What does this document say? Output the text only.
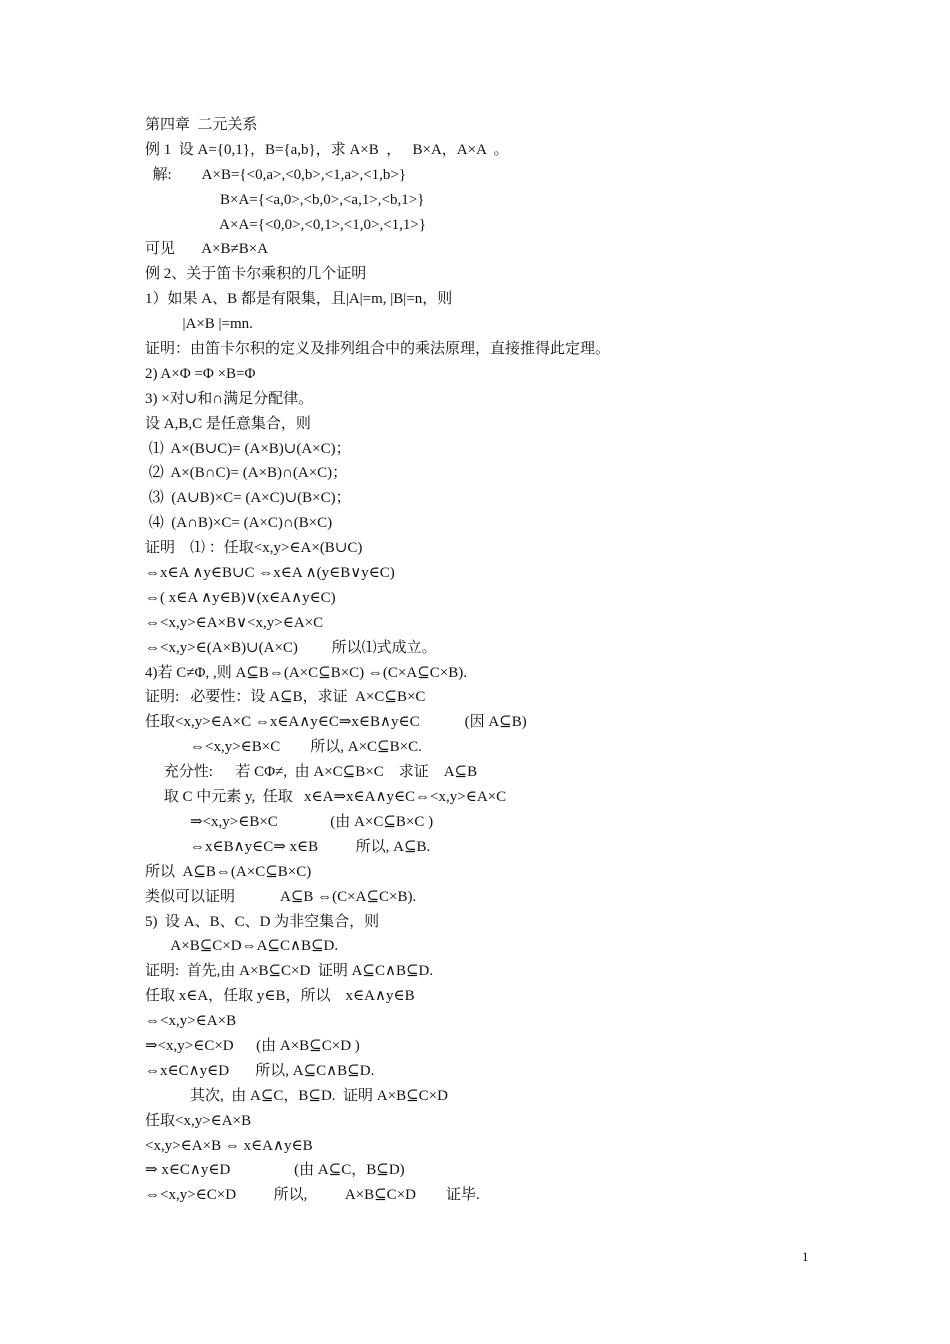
第四章  二元关系
例 1  设 A={0,1}，B={a,b}，求 A×B  ，   B×A，A×A  。
解:        A×B={<0,a>,<0,b>,<1,a>,<1,b>}
B×A={<a,0>,<b,0>,<a,1>,<b,1>}
A×A={<0,0>,<0,1>,<1,0>,<1,1>}
可见       A×B≠B×A
例 2、关于笛卡尔乘积的几个证明
1）如果 A、B 都是有限集，且|A|=m, |B|=n，则
|A×B |=mn.
证明：由笛卡尔积的定义及排列组合中的乘法原理，直接推得此定理。
2) A×Φ =Φ ×B=Φ
3) ×对∪和∩满足分配律。
设 A,B,C 是任意集合，则
⑴  A×(B∪C)= (A×B)∪(A×C)；
⑵  A×(B∩C)= (A×B)∩(A×C)；
⑶  (A∪B)×C= (A×C)∪(B×C)；
⑷  (A∩B)×C= (A×C)∩(B×C)
证明    ⑴ ：任取<x,y>∈A×(B∪C)
⇔x∈A ∧y∈B∪C ⇔x∈A ∧(y∈B∨y∈C)
⇔( x∈A ∧y∈B)∨(x∈A∧y∈C)
⇔<x,y>∈A×B∨<x,y>∈A×C
⇔<x,y>∈(A×B)∪(A×C)         所以⑴式成立。
4)若 C≠Φ, ,则 A⊆B⇔(A×C⊆B×C) ⇔(C×A⊆C×B).
证明:   必要性：设 A⊆B，求证  A×C⊆B×C
任取<x,y>∈A×C ⇔x∈A∧y∈C⇒x∈B∧y∈C            (因 A⊆B)
⇔<x,y>∈B×C        所以, A×C⊆B×C.
充分性:      若 CΦ≠,  由 A×C⊆B×C    求证    A⊆B
取 C 中元素 y,  任取   x∈A⇒x∈A∧y∈C⇔<x,y>∈A×C
⇒<x,y>∈B×C              (由 A×C⊆B×C )
⇔x∈B∧y∈C⇒ x∈B          所以, A⊆B.
所以  A⊆B⇔(A×C⊆B×C)
类似可以证明            A⊆B ⇔(C×A⊆C×B).
5)  设 A、B、C、D 为非空集合，则
A×B⊆C×D⇔A⊆C∧B⊆D.
证明:  首先,由 A×B⊆C×D  证明 A⊆C∧B⊆D.
任取 x∈A，任取 y∈B，所以    x∈A∧y∈B
⇔<x,y>∈A×B
⇒<x,y>∈C×D      (由 A×B⊆C×D )
⇔x∈C∧y∈D       所以, A⊆C∧B⊆D.
其次,  由 A⊆C，B⊆D.  证明 A×B⊆C×D
任取<x,y>∈A×B
<x,y>∈A×B ⇔ x∈A∧y∈B
⇒ x∈C∧y∈D                 (由 A⊆C，B⊆D)
⇔<x,y>∈C×D          所以,          A×B⊆C×D        证毕.
1
